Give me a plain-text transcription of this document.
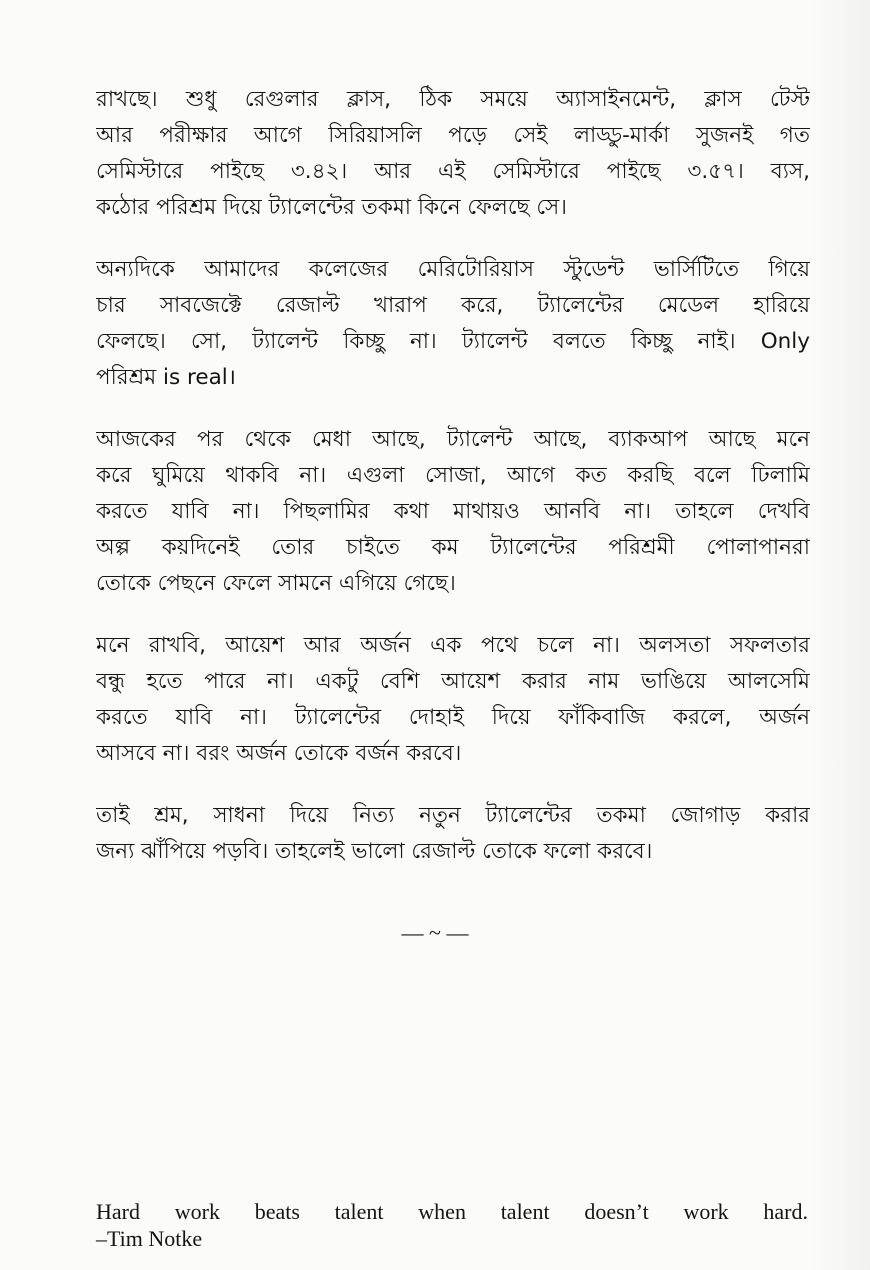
রাখছে। শুধু রেগুলার ক্লাস, ঠিক সময়ে অ্যাসাইনমেন্ট, ক্লাস টেস্ট
আর পরীক্ষার আগে সিরিয়াসলি পড়ে সেই লাড্ডু-মার্কা সুজনই গত
সেমিস্টারে পাইছে ৩.৪২। আর এই সেমিস্টারে পাইছে ৩.৫৭। ব্যস,
কঠোর পরিশ্রম দিয়ে ট্যালেন্টের তকমা কিনে ফেলছে সে।

অন্যদিকে আমাদের কলেজের মেরিটোরিয়াস স্টুডেন্ট ভার্সিটিতে গিয়ে
চার সাবজেক্টে রেজাল্ট খারাপ করে, ট্যালেন্টের মেডেল হারিয়ে
ফেলছে। সো, ট্যালেন্ট কিচ্ছু না। ট্যালেন্ট বলতে কিচ্ছু নাই। Only
পরিশ্রম is real।

আজকের পর থেকে মেধা আছে, ট্যালেন্ট আছে, ব্যাকআপ আছে মনে
করে ঘুমিয়ে থাকবি না। এগুলা সোজা, আগে কত করছি বলে ঢিলামি
করতে যাবি না। পিছলামির কথা মাথায়ও আনবি না। তাহলে দেখবি
অল্প কয়দিনেই তোর চাইতে কম ট্যালেন্টের পরিশ্রমী পোলাপানরা
তোকে পেছনে ফেলে সামনে এগিয়ে গেছে।

মনে রাখবি, আয়েশ আর অর্জন এক পথে চলে না। অলসতা সফলতার
বন্ধু হতে পারে না। একটু বেশি আয়েশ করার নাম ভাঙিয়ে আলসেমি
করতে যাবি না। ট্যালেন্টের দোহাই দিয়ে ফাঁকিবাজি করলে, অর্জন
আসবে না। বরং অর্জন তোকে বর্জন করবে।

তাই শ্রম, সাধনা দিয়ে নিত্য নতুন ট্যালেন্টের তকমা জোগাড় করার
জন্য ঝাঁপিয়ে পড়বি। তাহলেই ভালো রেজাল্ট তোকে ফলো করবে।

— ~ —
Hard work beats talent when talent doesn’t work hard.
–Tim Notke
